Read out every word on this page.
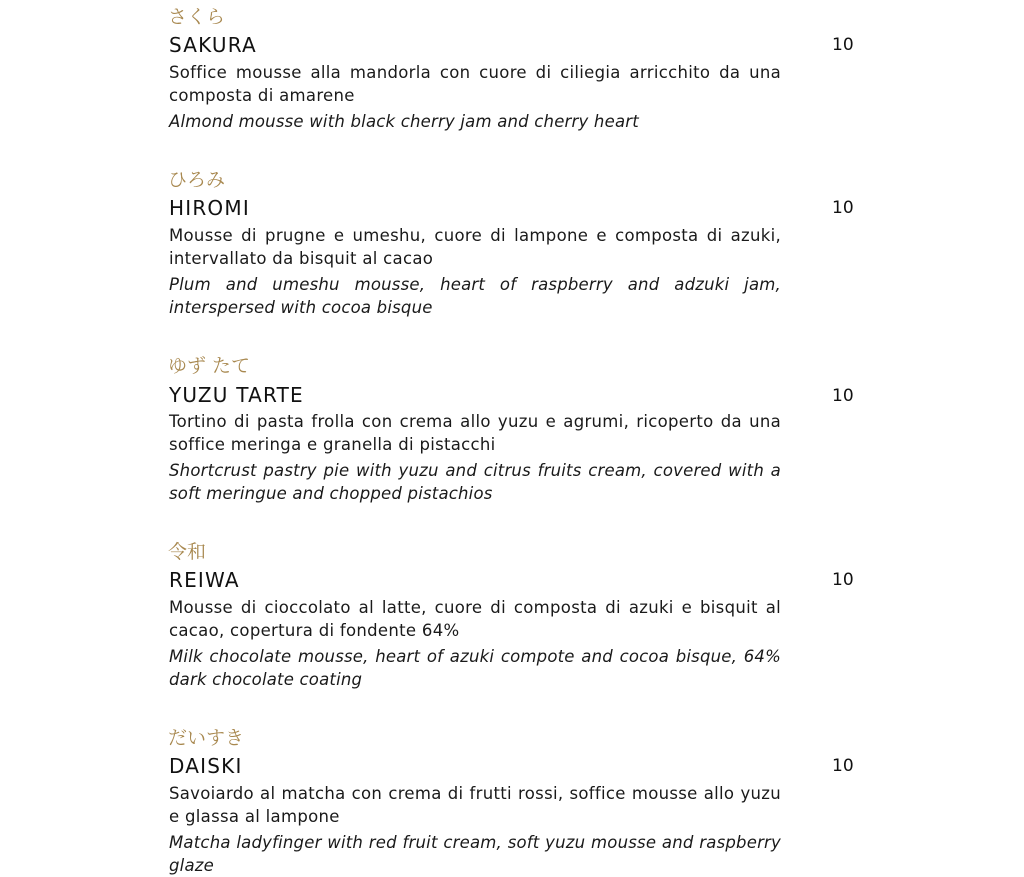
さくら
SAKURA	10
Soffice mousse alla mandorla con cuore di ciliegia arricchito da una composta di amarene
Almond mousse with black cherry jam and cherry heart
ひろみ
HIROMI	10
Mousse di prugne e umeshu, cuore di lampone e composta di azuki, intervallato da bisquit al cacao
Plum and umeshu mousse, heart of raspberry and adzuki jam, interspersed with cocoa bisque
ゆず たて
YUZU TARTE	10
Tortino di pasta frolla con crema allo yuzu e agrumi, ricoperto da una soffice meringa e granella di pistacchi
Shortcrust pastry pie with yuzu and citrus fruits cream, covered with a soft meringue and chopped pistachios
令和
REIWA	10
Mousse di cioccolato al latte, cuore di composta di azuki e bisquit al cacao, copertura di fondente 64%
Milk chocolate mousse, heart of azuki compote and cocoa bisque, 64% dark chocolate coating
だいすき
DAISKI	10
Savoiardo al matcha con crema di frutti rossi, soffice mousse allo yuzu e glassa al lampone
Matcha ladyfinger with red fruit cream, soft yuzu mousse and raspberry glaze
